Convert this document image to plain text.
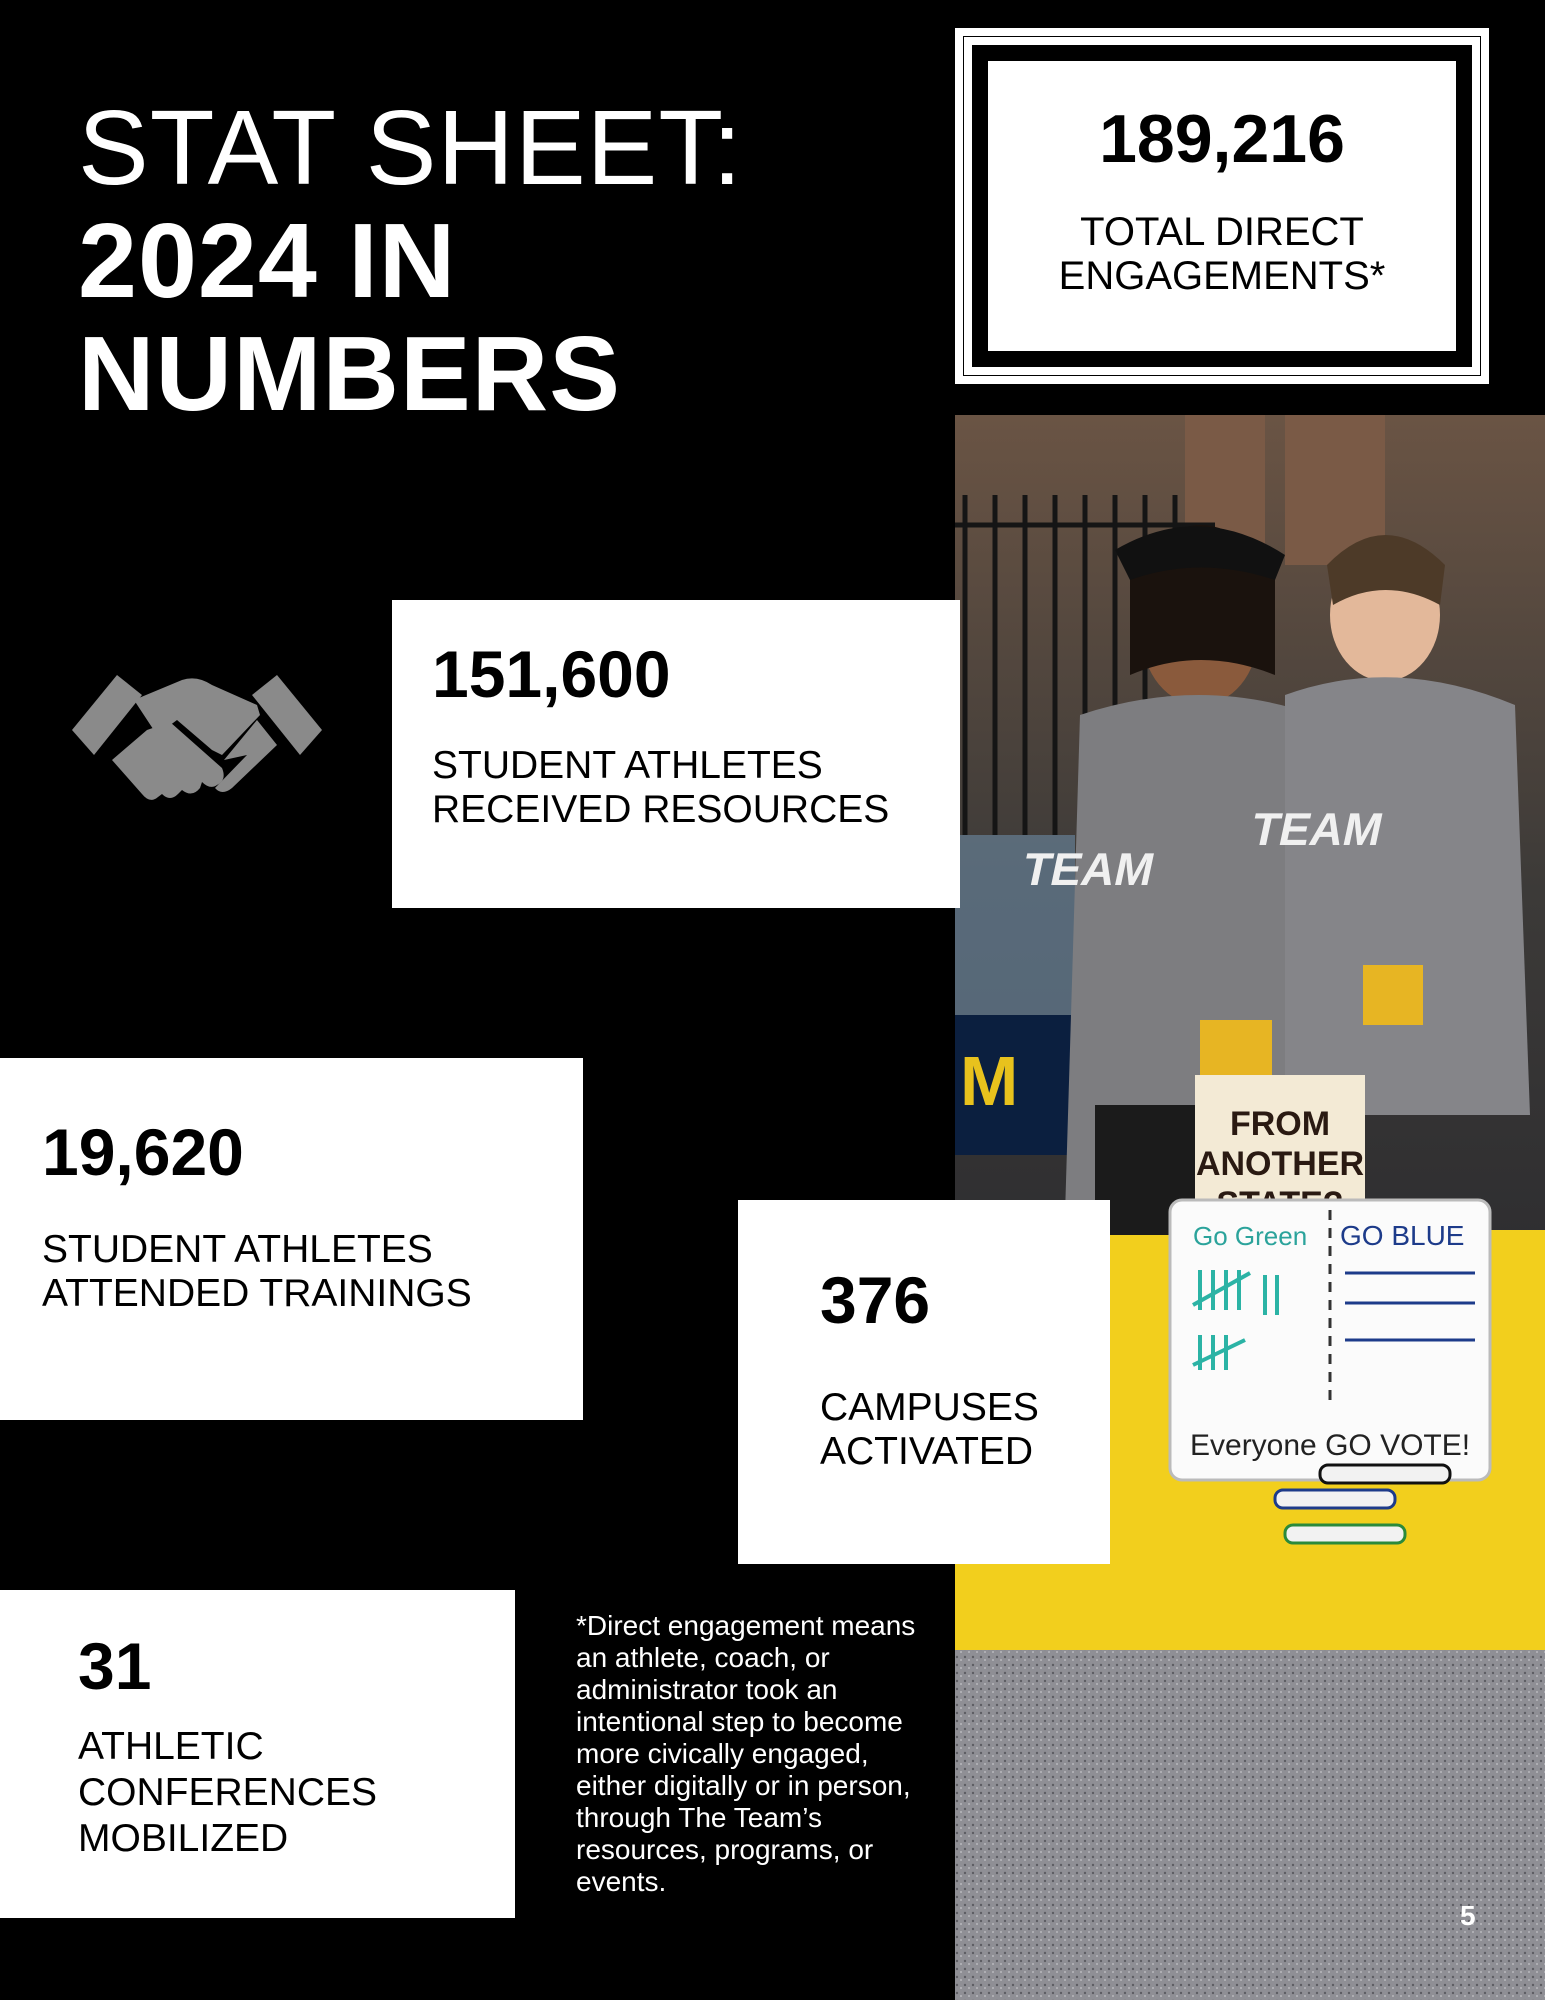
STAT SHEET:
2024 IN
NUMBERS
189,216
TOTAL DIRECT
ENGAGEMENTS*
M
TEAM
TEAM
FROM
ANOTHER
Go Green GO BLUE
Everyone GO VOTE!
151,600
STUDENT ATHLETES
RECEIVED RESOURCES
19,620
STUDENT ATHLETES
ATTENDED TRAININGS	376
CAMPUSES
ACTIVATED
31
ATHLETIC
CONFERENCES
MOBILIZED
*Direct engagement means an athlete, coach, or administrator took an intentional step to become more civically engaged, either digitally or in person, through The Team’s resources, programs, or events.
5
